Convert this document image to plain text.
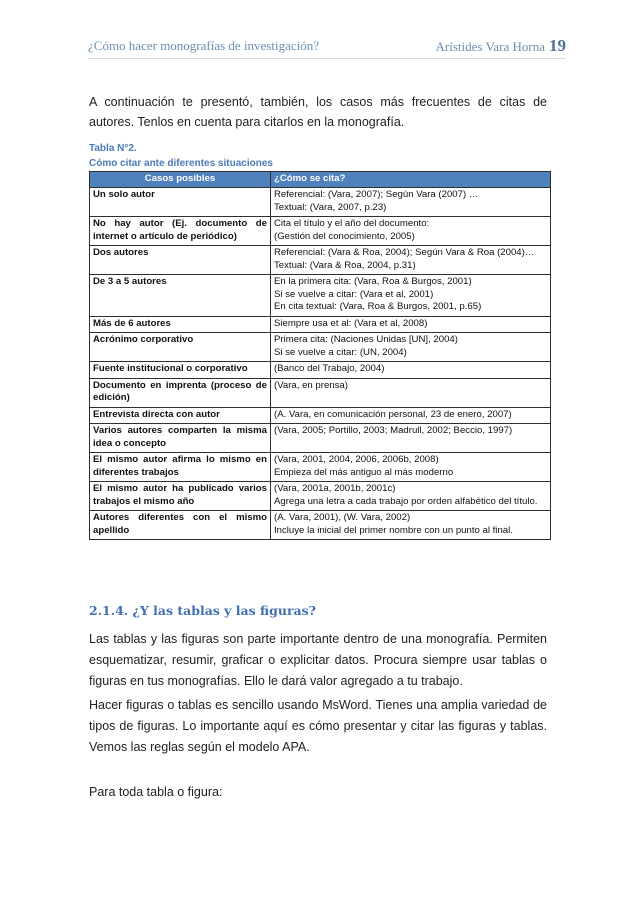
¿Cómo hacer monografías de investigación?	Arístides Vara Horna 19
A continuación te presentó, también, los casos más frecuentes de citas de autores. Tenlos en cuenta para citarlos en la monografía.
Tabla N°2.
Cómo citar ante diferentes situaciones
Casos posibles	¿Cómo se cita?
Un solo autor	Referencial: (Vara, 2007); Según Vara (2007) …
Textual: (Vara, 2007, p.23)

No hay autor (Ej. documento de internet o artículo de periódico)	Cita el título y el año del documento:
(Gestión del conocimiento, 2005)

Dos autores	Referencial: (Vara & Roa, 2004); Según Vara & Roa (2004)…
Textual: (Vara & Roa, 2004, p.31)

De 3 a 5 autores	En la primera cita: (Vara, Roa & Burgos, 2001)
Si se vuelve a citar: (Vara et al, 2001)
En cita textual: (Vara, Roa & Burgos, 2001, p.65)

Más de 6 autores	Siempre usa et al: (Vara et al, 2008)

Acrónimo corporativo	Primera cita: (Naciones Unidas [UN], 2004)
Si se vuelve a citar: (UN, 2004)

Fuente institucional o corporativo	(Banco del Trabajo, 2004)

Documento en imprenta (proceso de edición)	(Vara, en prensa)

Entrevista directa con autor	(A. Vara, en comunicación personal, 23 de enero, 2007)

Varios autores comparten la misma idea o concepto	(Vara, 2005; Portillo, 2003; Madrull, 2002; Beccio, 1997)

El mismo autor afirma lo mismo en diferentes trabajos	(Vara, 2001, 2004, 2006, 2006b, 2008)
Empieza del más antiguo al más moderno

El mismo autor ha publicado varios trabajos el mismo año	(Vara, 2001a, 2001b, 2001c)
Agrega una letra a cada trabajo por orden alfabético del título.

Autores diferentes con el mismo apellido	(A. Vara, 2001), (W. Vara, 2002)
Incluye la inicial del primer nombre con un punto al final.
2.1.4. ¿Y las tablas y las figuras?
Las tablas y las figuras son parte importante dentro de una monografía. Permiten esquematizar, resumir, graficar o explicitar datos. Procura siempre usar tablas o figuras en tus monografías. Ello le dará valor agregado a tu trabajo.
Hacer figuras o tablas es sencillo usando MsWord. Tienes una amplia variedad de tipos de figuras. Lo importante aquí es cómo presentar y citar las figuras y tablas. Vemos las reglas según el modelo APA.
Para toda tabla o figura:
